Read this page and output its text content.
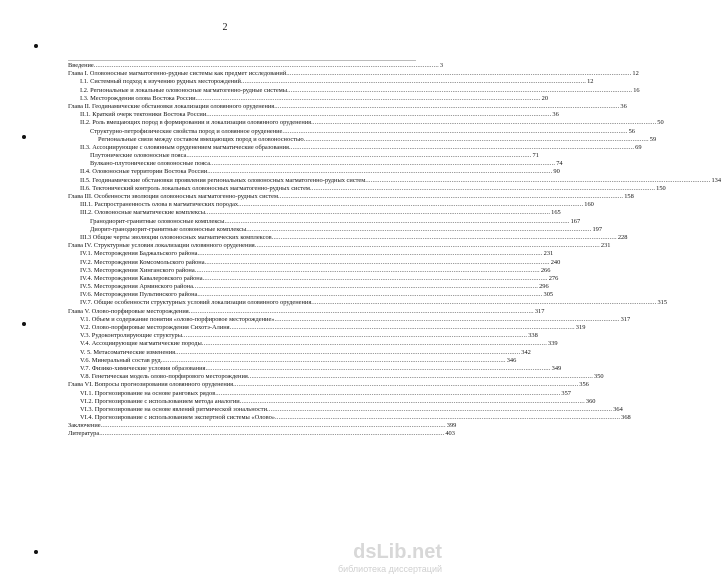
2
Введение .....	3
Глава I. Оловоносные магматогенно-рудные системы как предмет исследований .....	12
I.1. Системный подход к изучению рудных месторождений .....	12
I.2. Региональные и локальные оловоносные магматогенно-рудные системы .....	16
I.3. Месторождения олова Востока России .....	20
Глава II. Геодинамические обстановки локализации оловянного оруденения .....	36
II.1. Краткий очерк тектоники Востока России .....	36
II.2. Роль вмещающих пород в формировании и локализации оловянного оруденения .....	50
Структурно-петрофизические свойства пород и оловянное оруденение .....	56
Региональные связи между составом вмещающих пород и оловоносностью .....	59
II.3. Ассоциирующие с оловянным оруденением магматические образования .....	69
Плутонические оловоносные пояса .....	71
Вулкано-плутонические оловоносные пояса .....	74
II.4. Оловоносные территории Востока России .....	90
II.5. Геодинамические обстановки проявления региональных оловоносных магматогенно-рудных систем .....	134
II.6. Тектонический контроль локальных оловоносных магматогенно-рудных систем .....	150
Глава III. Особенности эволюции оловоносных магматогенно-рудных систем .....	158
III.1. Распространенность олова в магматических породах .....	160
III.2. Оловоносные магматические комплексы .....	165
Гранодиорит-гранитные оловоносные комплексы .....	167
Диорит-гранодиорит-гранитные оловоносные комплексы .....	197
III.3 Общие черты эволюции оловоносных магматических комплексов .....	228
Глава IV. Структурные условия локализации оловянного оруденения .....	231
IV.1. Месторождения Баджальского района .....	231
IV.2. Месторождения Комсомольского района .....	240
IV.3. Месторождения Хинганского района .....	266
IV.4. Месторождения Кавалеровского района .....	276
IV.5. Месторождения Арминского района .....	296
IV.6. Месторождения Пультинского района .....	305
IV.7. Общие особенности структурных условий локализации оловянного оруденения .....	315
Глава V. Олово-порфировые месторождения .....	317
V.1. Объем и содержание понятия «олово-порфировое месторождение» .....	317
V.2. Олово-порфировые месторождения Сихотэ-Алиня .....	319
V.3. Рудоконтролирующие структуры .....	338
V.4. Ассоциирующие магматические породы .....	339
V. 5. Метасоматические изменения .....	342
V.6. Минеральный состав руд .....	346
V.7. Физико-химические условия образования .....	349
V.8. Генетическая модель олово-порфирового месторождения .....	350
Глава VI. Вопросы прогнозирования оловянного оруденения .....	356
VI.1. Прогнозирование на основе ранговых рядов .....	357
VI.2. Прогнозирование с использованием метода аналогии .....	360
VI.3. Прогнозирование на основе явлений ритмической зональности .....	364
VI.4. Прогнозирование с использованием экспертной системы «Олово» .....	368
Заключение .....	399
Литература .....	403
dsLib.net
библиотека диссертаций
